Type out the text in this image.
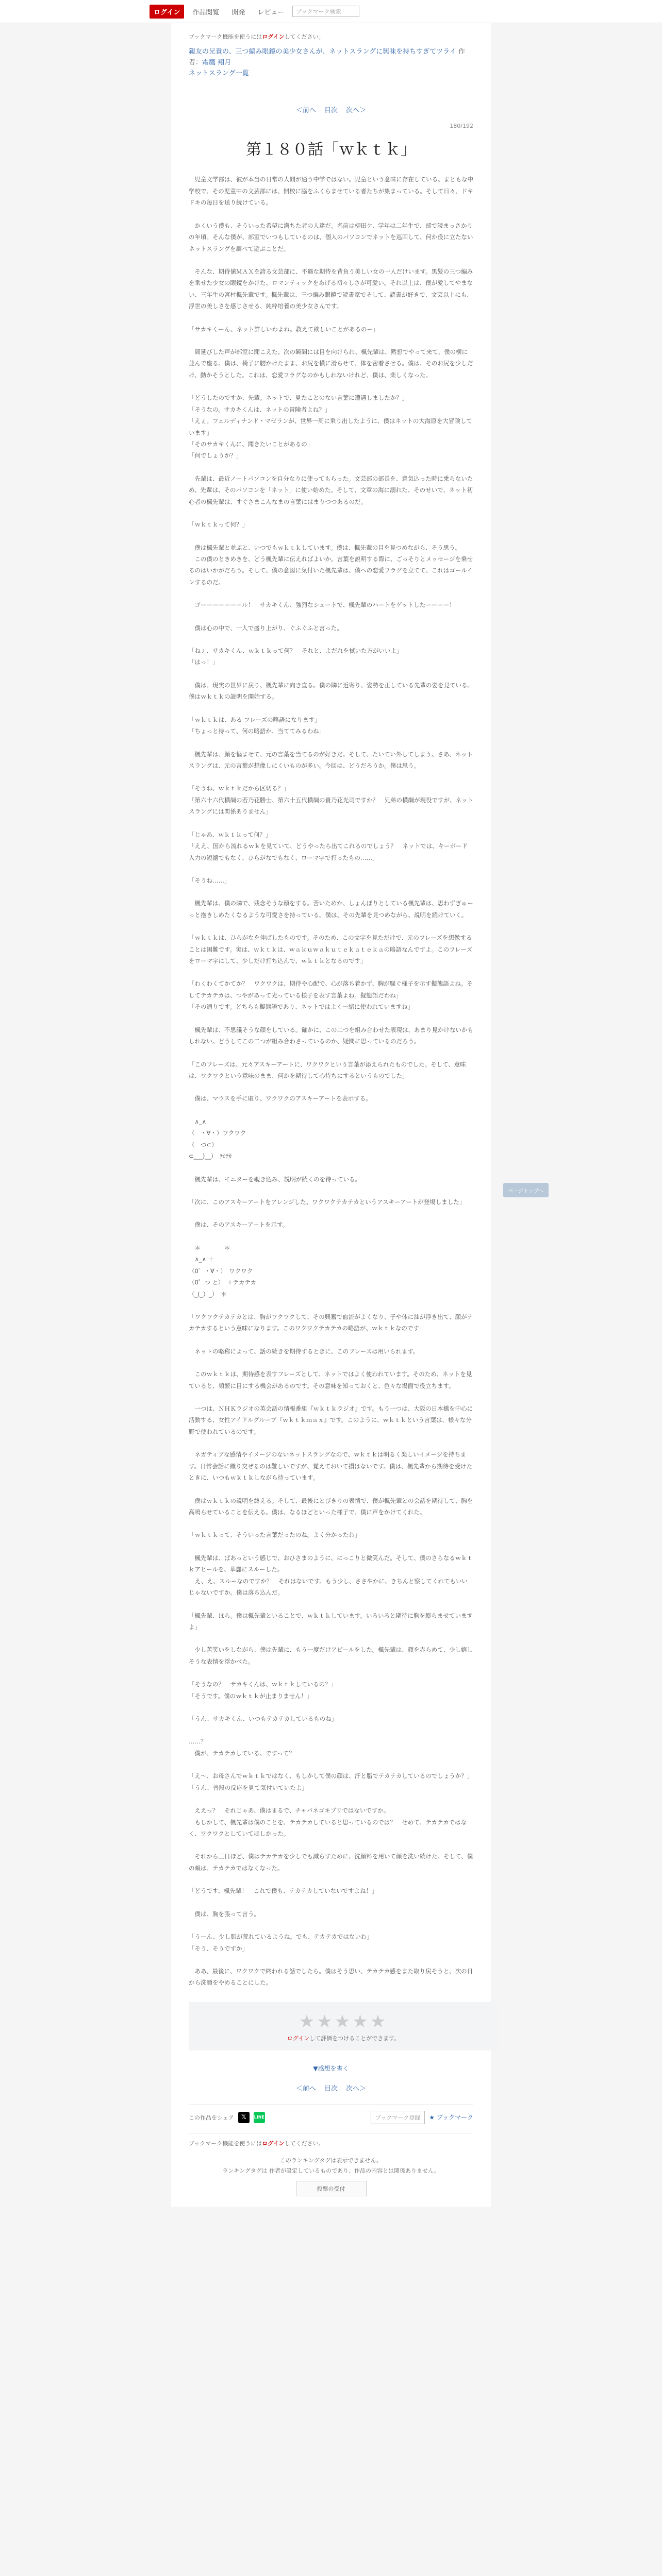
ログイン	作品閲覧	開発	レビュー	ブックマーク検索
ブックマーク機能を使うにはログインしてください。
親友の兄貴の、三つ編み眼鏡の美少女さんが、ネットスラングに興味を持ちすぎてツライ 作者：霜鷹 翔月
ネットスラング一覧
＜前へ 目次 次へ＞
180/192
第１８０話「ｗｋｔｋ」

　児童文学部は、彼が本当の日常の人間が通う中学ではない。児童という意味に存在している。まともな中学校で、その児童中の文芸部には、開校に脇をふくらませている者たちが集まっている。そして日々、ドキドキの毎日を送り続けている。

　かくいう僕も、そういった希望に満ちた者の人達だ。名前は柳田ケ、学年は二年生で、部で読まっさかりの年頃。そんな僕が、部室でいつもしているのは、個人のパソコンでネットを巡回して、何か役に立たないネットスラングを調べて遊ぶことだ。

　そんな、期待値ＭＡＸを誇る文芸部に、不遇な期待を背負う美しい女の一人だけいます。黒髪の三つ編みを乗せた少女の眼鏡をかけた、ロマンティックをあげる初々しさが可愛い。それ以上は、僕が愛してやまない、三年生の宮村楓先輩です。楓先輩は、三つ編み眼鏡で読書家でそして、読書が好きで、文芸以上にも、浮世の美しさを感じさせる、純粋培養の美少女さんです。

「サカキくーん、ネット詳しいわよね。教えて欲しいことがあるのー」

　間延びした声が部室に聞こえた。次の瞬間には目を向けられ、楓先輩は、黙想でやって来て、僕の横に並んで座る。僕は、椅子に腰かけたまま、お尻を横に滑らせて、体を密着させる。僕は、そのお尻を少しだけ、動かそうとした。これは、恋愛フラグなのかもしれないけれど、僕は、楽しくなった。

「どうしたのですか、先輩。ネットで、見たことのない言葉に遭遇しましたか？」
「そうなの。サカキくんは、ネットの冒険者よね？」
「えぇ。フェルディナンド・マゼランが、世界一周に乗り出したように、僕はネットの大海原を大冒険しています」
「そのサカキくんに、聞きたいことがあるの」
「何でしょうか？」

　先輩は、最近ノートパソコンを自分なりに使ってもらった。文芸部の部長を、意気込った時に乗らないため、先輩は、そのパソコンを「ネット」に使い始めた。そして、文章の海に溺れた、そのせいで、ネット初心者の楓先輩は、すぐさまこんなまの言葉にはまりつつあるのだ。

「ｗｋｔｋって何？」

　僕は楓先輩と並ぶと、いつでもｗｋｔｋしています。僕は、楓先輩の目を見つめながら、そう思う。
　この僕のときめきを、どう楓先輩に伝えればよいか。言葉を説明する際に、ごっそりとメッセージを乗せるのはいかがだろう。そして、僕の意図に気付いた楓先輩は、僕への恋愛フラグを立てて、これはゴールインするのだ。

　ゴーーーーーーール！　サカキくん、強烈なシュートで、楓先輩のハートをゲットしたーーーー！

　僕は心の中で、一人で盛り上がり、ぐふぐふと言った。

「ねぇ、サカキくん、ｗｋｔｋって何？　それと、よだれを拭いた方がいいよ」
「はっ！」

　僕は、現実の世界に戻り、楓先輩に向き直る。僕の隣に近寄り、姿勢を正している先輩の姿を見ている。僕はｗｋｔｋの説明を開始する。

「ｗｋｔｋは、ある フレーズの略語になります」
「ちょっと待って、何の略語か、当ててみるわね」

　楓先輩は、顔を悩ませて、元の言葉を当てるのが好きだ。そして、たいてい外してしまう。さあ、ネットスラングは、元の言葉が想像しにくいものが多い。今回は、どうだろうか。僕は思う。

「そうね、ｗｋｔｋだから区切る？」
「第六十六代横綱の若乃花勝士、第六十五代横綱の貴乃花光司ですか？　兄弟の横綱が現役ですが、ネットスラングには関係ありません」

「じゃあ、ｗｋｔｋって何？」
「ええ、国から流れるｗｋを見ていて、どうやったら出てこれるのでしょう？　ネットでは、キーボード入力の短縮でもなく、ひらがなでもなく、ローマ字で打ったもの……」

「そうね……」

　楓先輩は、僕の隣で、残念そうな顔をする。苦いためか、しょんぼりとしている楓先輩は、思わずぎゅーっと抱きしめたくなるような可愛さを持っている。僕は、その先輩を見つめながら、説明を続けていく。

「ｗｋｔｋは、ひらがなを伸ばしたものです。そのため、この文字を見ただけで、元のフレーズを想像することは困難です。実は、ｗｋｔｋは、ｗａｋｕｗａｋｕｔｅｋａｔｅｋａの略語なんですよ。このフレーズをローマ字にして、少しだけ打ち込んで、ｗｋｔｋとなるのです」

「わくわくてかてか？　ワクワクは、期待や心配で、心が落ち着かず、胸が騒ぐ様子を示す擬態語よね。そしてテカテカは、つやがあって光っている様子を表す言葉よね。擬態語だわね」
「その通りです。どちらも擬態語であり、ネットではよく一緒に使われていますね」

　楓先輩は、不思議そうな顔をしている。確かに、この二つを組み合わせた表現は、あまり見かけないかもしれない。どうしてこの二つが組み合わさっているのか、疑問に思っているのだろう。

「このフレーズは、元々アスキーアートに、ワクワクという言葉が添えられたものでした。そして、意味は、ワクワクという意味のまま、何かを期待して心待ちにするというものでした」

　僕は、マウスを手に取り、ワクワクのアスキーアートを表示する。

　∧_∧
（　・∀・）ワクワク
（　つ⊂）
⊂___)__）　ﾃｶﾃｶ

　楓先輩は、モニターを覗き込み、説明が続くのを待っている。

「次に、このアスキーアートをアレンジした、ワクワクテカテカというアスキーアートが登場しました」

　僕は、そのアスキーアートを示す。

　＊　　　　＊
　∧_∧ ＋
（0゜・∀・）　ワクワク
（0゜つ と）　＋テカテカ
（_(_）_）　＊

「ワクワクテカテカとは、胸がワクワクして、その興奮で血流がよくなり、子や体に油が浮き出て、顔がテカテカするという意味になります。このワクワクテカテカの略語が、ｗｋｔｋなのです」

　ネットの略称によって、話の続きを期待するときに、このフレーズは用いられます。

　このｗｋｔｋは、期待感を表すフレーズとして、ネットではよく使われています。そのため、ネットを見ていると、頻繁に目にする機会があるのです。その意味を知っておくと、色々な場面で役立ちます。

　一つは、ＮＨＫラジオの英会話の情報番組『ｗｋｔｋラジオ』です。もう一つは、大阪の日本橋を中心に活動する、女性アイドルグループ『ｗｋｔｋｍａｘ』です。このように、ｗｋｔｋという言葉は、様々な分野で使われているのです。

　ネガティブな感情やイメージのないネットスラングなので、ｗｋｔｋは明るく楽しいイメージを持ちます。日常会話に織り交ぜるのは難しいですが、覚えておいて損はないです。僕は、楓先輩から期待を受けたときに、いつもｗｋｔｋしながら待っています。

　僕はｗｋｔｋの説明を終える。そして、最後にとびきりの表情で、僕が楓先輩との会話を期待して、胸を高鳴らせていることを伝える。僕は、なるほどといった様子で、僕に声をかけてくれた。

「ｗｋｔｋって、そういった言葉だったのね。よく分かったわ」

　楓先輩は、ぱあっという感じで、おひさまのように、にっこりと微笑んだ。そして、僕のさらなるｗｋｔｋアピールを、華麗にスルーした。
　え、え、スルーなのですか？　それはないです。もう少し、ささやかに、きちんと察してくれてもいいじゃないですか。僕は落ち込んだ。

「楓先輩、ほら。僕は楓先輩といることで、ｗｋｔｋしています。いろいろと期待に胸を膨らませていますよ」

　少し苦笑いをしながら、僕は先輩に、もう一度だけアピールをした。楓先輩は、顔を赤らめて、少し嬉しそうな表情を浮かべた。

「そうなの？　サカキくんは、ｗｋｔｋしているの？」
「そうです。僕のｗｋｔｋが止まりません！」

「うん、サカキくん、いつもテカテカしているものね」

……？
　僕が、テカテカしている。ですって？

「え～、お母さんでｗｋｔｋではなく、もしかして僕の顔は、汗と脂でテカテカしているのでしょうか？」
「うん、普段の反応を見て気付いていたよ」

　ええっ？　それじゃあ、僕はまるで、チャバネゴキブリではないですか。
　もしかして、楓先輩は僕のことを、テカテカしていると思っているのでは？　せめて、テカテカではなく、ワクワクとしていてほしかった。

　それから三日ほど、僕はテカテカを少しでも減らすために、洗顔料を用いて顔を洗い続けた。そして、僕の頬は、テカテカではなくなった。

「どうです、楓先輩！　これで僕も、テカテカしていないですよね！」

　僕は、胸を張って言う。

「うーん、少し肌が荒れているようね。でも、テカテカではないわ」
「そう、そうですか」

　ああ、最後に、ワクワクで終われる話でしたら。僕はそう思い、テカテカ感をまた取り戻そうと、次の日から洗顔をやめることにした。

ページトップへ
★★★★★
ログインして評価をつけることができます。
▼感想を書く
＜前へ 目次 次へ＞
この作品をシェア	𝕏	LINE	ブックマーク登録	★ ブックマーク
ブックマーク機能を使うにはログインしてください。
このランキングタグは表示できません。
ランキングタグは 作者が設定しているものであり、作品の内容とは関係ありません。
投票の受付
